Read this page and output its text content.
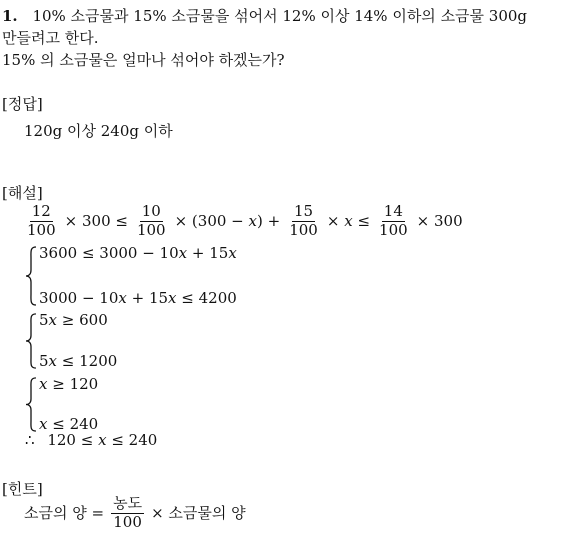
1. 10% 소금물과 15% 소금물을 섞어서 12% 이상 14% 이하의 소금물 300g
만들려고 한다.
15% 의 소금물은 얼마나 섞어야 하겠는가?
[정답]
120g 이상 240g 이하
[해설]
$\frac{12}{100} \times 300 \le \frac{10}{100} \times (300 - x) + \frac{15}{100} \times x \le \frac{14}{100} \times 300$
3600 ≤ 3000 − 10x + 15x
3000 − 10x + 15x ≤ 4200
5x ≥ 600
5x ≤ 1200
x ≥ 120
x ≤ 240
∴ 120 ≤ x ≤ 240
[힌트]
소금의 양 = $\frac{\text{농도}}{100}$ × 소금물의 양
